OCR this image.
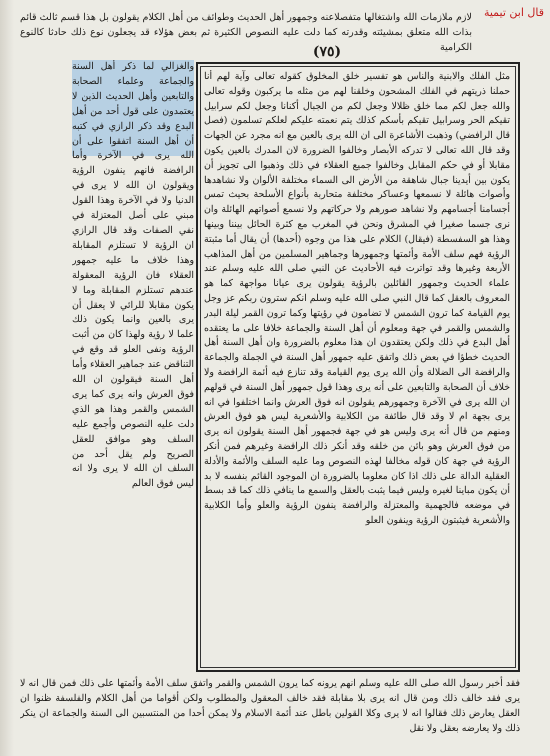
قال ابن تيمية

لازم ملازمات الله واشتغالها متفصلاعنه وجمهور أهل الحديث وطوائف من أهل الكلام يقولون بل هذا قسم ثالث قائم بذات الله متعلق بمشيئته وقدرته كما دلت عليه النصوص الكثيرة ثم بعض هؤلاء قد يجعلون نوع ذلك حادثا كالنوع الكرامية

(٧٥)

مثل الفلك والابنية والناس هو تفسير خلق المخلوق كقوله تعالى وآية لهم أنا حملنا ذريتهم في الفلك المشحون وخلقنا لهم من مثله ما يركبون وقوله تعالى والله جعل لكم مما خلق ظلالا وجعل لكم من الجبال أكنانا وجعل لكم سرابيل تقيكم الحر وسرابيل تقيكم بأسكم كذلك يتم نعمته عليكم لعلكم تسلمون (فصل قال الرافضي) وذهبت الأشاعرة الى ان الله يرى بالعين مع انه مجرد عن الجهات وقد قال الله تعالى لا تدركه الأبصار وخالفوا الضرورة لان المدرك بالعين يكون مقابلا أو في حكم المقابل وخالفوا جميع العقلاء في ذلك وذهبوا الى تجويز أن يكون بين أيدينا جبال شاهقة من الأرض الى السماء مختلفة الألوان ولا نشاهدها وأصوات هائلة لا نسمعها وعساكر مختلفة متحاربة بأنواع الأسلحة بحيث تمس أجسامنا أجسامهم ولا نشاهد صورهم ولا حركاتهم ولا نسمع أصواتهم الهائلة وان نرى جسما صغيرا في المشرق ونحن في المغرب مع كثرة الحائل بيننا وبينها وهذا هو السفسطة (فيقال) الكلام على هذا من وجوه (أحدها) أن يقال أما مثبتة الرؤية فهم سلف الأمة وأئمتها وجمهورها وجماهير المسلمين من أهل المذاهب الأربعة وغيرها وقد تواترت فيه الأحاديث عن النبي صلى الله عليه وسلم عند علماء الحديث وجمهور القائلين بالرؤية يقولون يرى عيانا مواجهة كما هو المعروف بالعقل كما قال النبي صلى الله عليه وسلم انكم سترون ربكم عز وجل يوم القيامة كما ترون الشمس لا تضامون في رؤيتها وكما ترون القمر ليلة البدر والشمس والقمر في جهة ومعلوم أن أهل السنة والجماعة خلافا على ما يعتقده أهل البدع في ذلك ولكن يعتقدون ان هذا معلوم بالضرورة وان أهل السنة أهل الحديث خطؤا في بعض ذلك واتفق عليه جمهور أهل السنة في الجملة والجماعة والرافضة الى الضلالة وأن الله يرى يوم القيامة وقد تنازع فيه أئمة الرافضة ولا خلاف أن الصحابة والتابعين على أنه يرى وهذا قول جمهور أهل السنة في قولهم ان الله يرى في الآخرة وجمهورهم يقولون انه فوق العرش وانما اختلفوا في انه يرى بجهة ام لا وقد قال طائفة من الكلابية والأشعرية ليس هو فوق العرش ومنهم من قال أنه يرى وليس هو في جهة فجمهور أهل السنة يقولون انه يرى من فوق العرش وهو بائن من خلقه وقد أنكر ذلك الرافضة وغيرهم فمن أنكر الرؤية في جهة كان قوله مخالفا لهذه النصوص وما عليه السلف والأئمة والأدلة العقلية الدالة على ذلك اذا كان معلوما بالضرورة ان الموجود القائم بنفسه لا بد أن يكون مباينا لغيره وليس فيما يثبت بالعقل والسمع ما ينافي ذلك كما قد بسط في موضعه فالجهمية والمعتزلة والرافضة ينفون الرؤية والعلو وأما الكلابية والأشعرية فيثبتون الرؤية وينفون العلو

والغزالي لما ذكر أهل السنة والجماعة وعلماء الصحابة والتابعين وأهل الحديث الذين لا يعتمدون على قول أحد من أهل البدع وقد ذكر الرازي في كتبه أن أهل السنة اتفقوا على أن الله يرى في الآخرة وأما الرافضة فانهم ينفون الرؤية ويقولون ان الله لا يرى في الدنيا ولا في الآخرة وهذا القول مبني على أصل المعتزلة في نفي الصفات وقد قال الرازي ان الرؤية لا تستلزم المقابلة وهذا خلاف ما عليه جمهور العقلاء فان الرؤية المعقولة عندهم تستلزم المقابلة وما لا يكون مقابلا للرائي لا يعقل أن يرى بالعين وانما يكون ذلك علما لا رؤية ولهذا كان من أثبت الرؤية ونفى العلو قد وقع في التناقض عند جماهير العقلاء وأما أهل السنة فيقولون ان الله فوق العرش وانه يرى كما يرى الشمس والقمر وهذا هو الذي دلت عليه النصوص وأجمع عليه السلف وهو موافق للعقل الصريح ولم يقل أحد من السلف ان الله لا يرى ولا انه ليس فوق العالم

فقد أخبر رسول الله صلى الله عليه وسلم انهم يرونه كما يرون الشمس والقمر واتفق سلف الأمة وأئمتها على ذلك فمن قال انه لا يرى فقد خالف ذلك ومن قال انه يرى بلا مقابلة فقد خالف المعقول والمطلوب ولكن أقواما من أهل الكلام والفلسفة ظنوا ان العقل يعارض ذلك فقالوا انه لا يرى وكلا القولين باطل عند أئمة الاسلام ولا يمكن أحدا من المنتسبين الى السنة والجماعة ان ينكر ذلك ولا يعارضه بعقل ولا نقل
